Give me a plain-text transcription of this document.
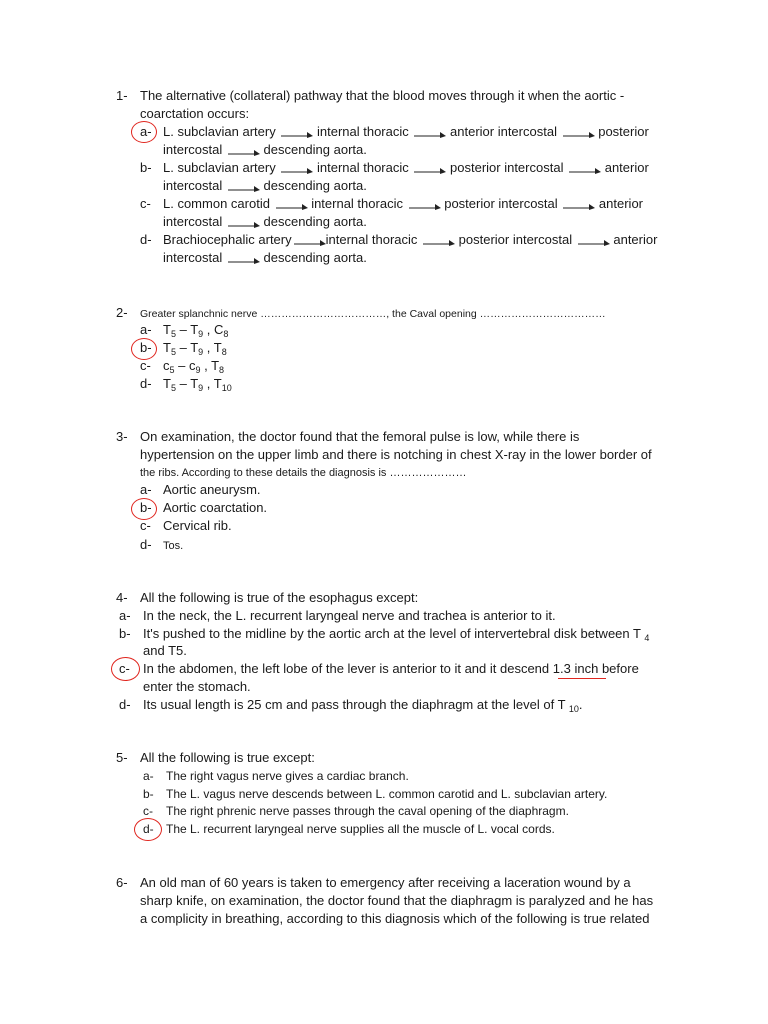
1- The alternative (collateral) pathway that the blood moves through it when the aortic -
coarctation occurs:
a- L. subclavian artery	internal thoracic	anterior intercostal	posterior
intercostal	descending aorta.
b- L. subclavian artery	internal thoracic	posterior intercostal	anterior
intercostal	descending aorta.
c- L. common carotid	internal thoracic	posterior intercostal	anterior
intercostal	descending aorta.
d- Brachiocephalic artery	internal thoracic	posterior intercostal	anterior
intercostal	descending aorta.
2- Greater splanchnic nerve ………………………………, the Caval opening ………………………………
a- $T_5 - T_9$ , $C_8$
b- $T_5 - T_9$ , $T_8$
c- $c_5 - c_9$ , $T_8$
d- $T_5 - T_9$ , $T_{10}$
3- On examination, the doctor found that the femoral pulse is low, while there is
hypertension on the upper limb and there is notching in chest X-ray in the lower border of
the ribs. According to these details the diagnosis is …………………
a- Aortic aneurysm.
b- Aortic coarctation.
c- Cervical rib.
d- Tos.
4- All the following is true of the esophagus except:
a- In the neck, the L. recurrent laryngeal nerve and trachea is anterior to it.
b- It's pushed to the midline by the aortic arch at the level of intervertebral disk between T $_4$
and T5.
c- In the abdomen, the left lobe of the lever is anterior to it and it descend 1.3 inch before
enter the stomach.
d- Its usual length is 25 cm and pass through the diaphragm at the level of T $_{10}$.
5- All the following is true except:
a- The right vagus nerve gives a cardiac branch.
b- The L. vagus nerve descends between L. common carotid and L. subclavian artery.
c- The right phrenic nerve passes through the caval opening of the diaphragm.
d- The L. recurrent laryngeal nerve supplies all the muscle of L. vocal cords.
6- An old man of 60 years is taken to emergency after receiving a laceration wound by a
sharp knife, on examination, the doctor found that the diaphragm is paralyzed and he has
a complicity in breathing, according to this diagnosis which of the following is true related
